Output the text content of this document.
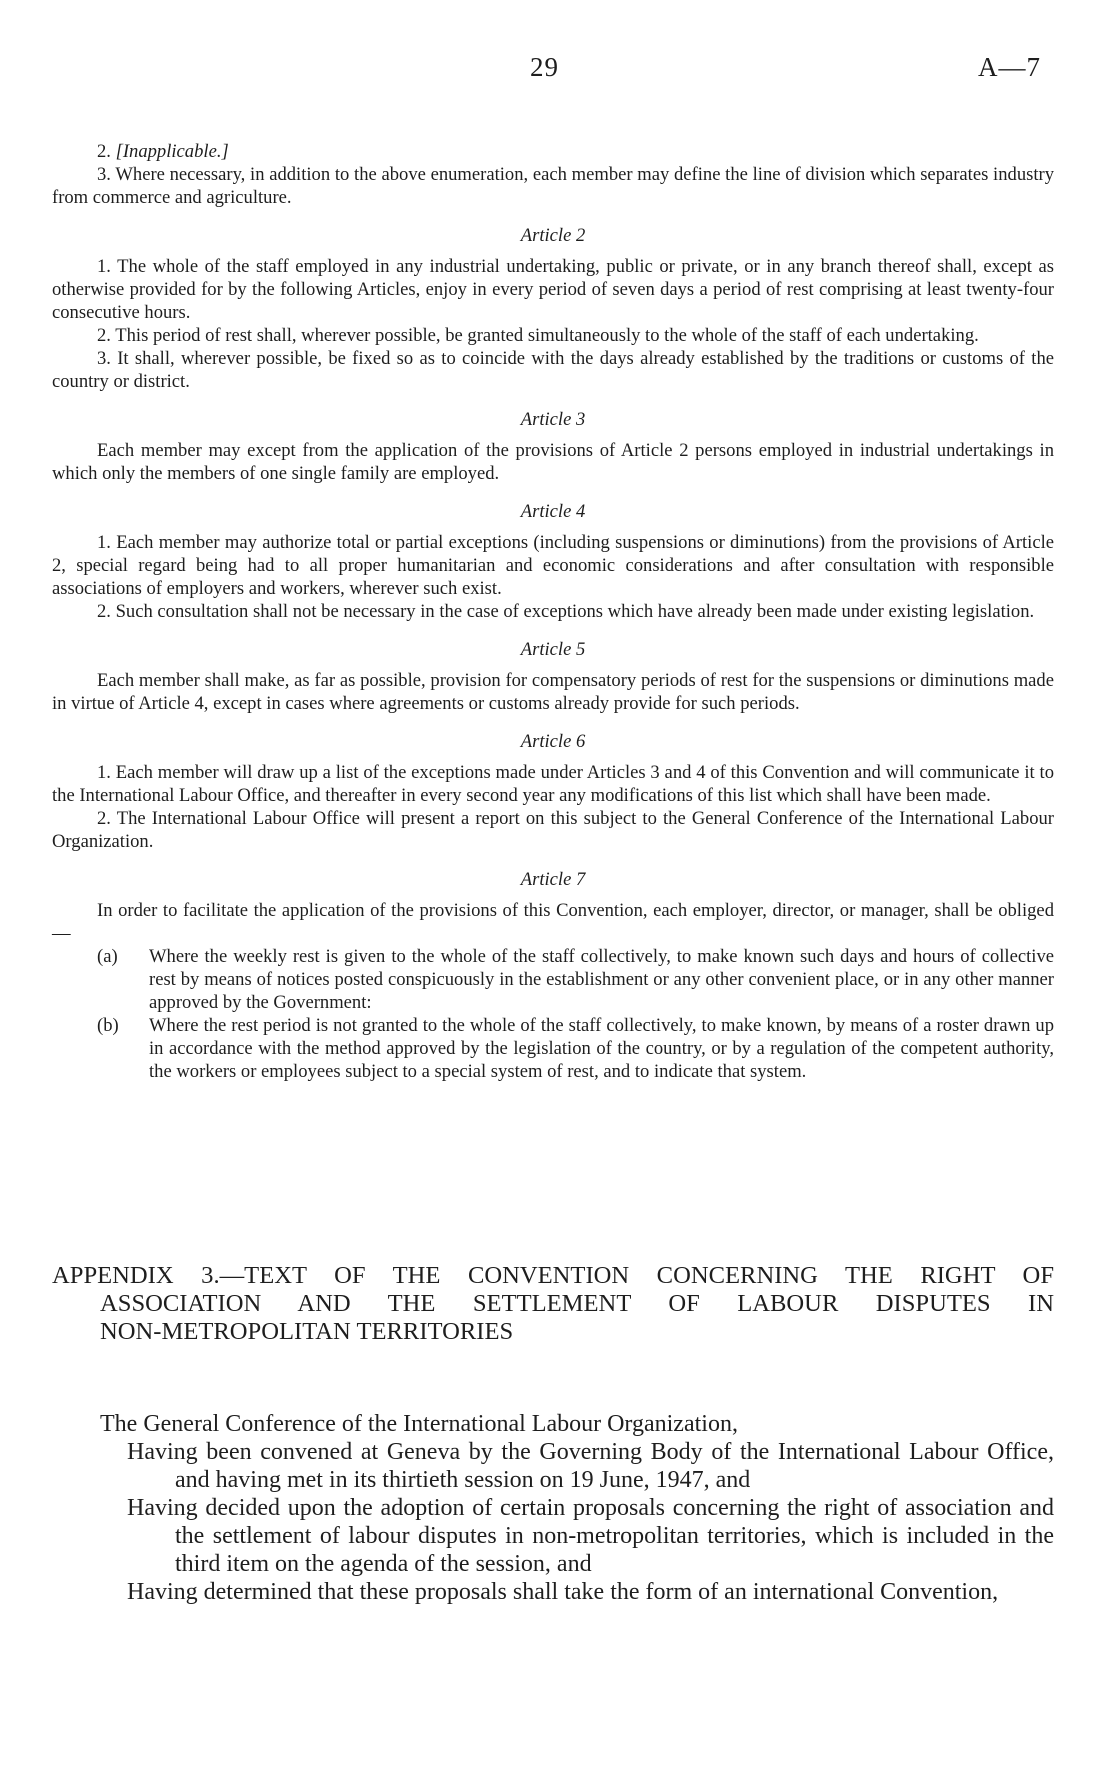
29	A—7

2. [Inapplicable.]

3. Where necessary, in addition to the above enumeration, each member may define the line of division which separates industry from commerce and agriculture.

Article 2

1. The whole of the staff employed in any industrial undertaking, public or private, or in any branch thereof shall, except as otherwise provided for by the following Articles, enjoy in every period of seven days a period of rest comprising at least twenty-four consecutive hours.

2. This period of rest shall, wherever possible, be granted simultaneously to the whole of the staff of each undertaking.

3. It shall, wherever possible, be fixed so as to coincide with the days already established by the traditions or customs of the country or district.

Article 3

Each member may except from the application of the provisions of Article 2 persons employed in industrial undertakings in which only the members of one single family are employed.

Article 4

1. Each member may authorize total or partial exceptions (including suspensions or diminutions) from the provisions of Article 2, special regard being had to all proper humanitarian and economic considerations and after consultation with responsible associations of employers and workers, wherever such exist.

2. Such consultation shall not be necessary in the case of exceptions which have already been made under existing legislation.

Article 5

Each member shall make, as far as possible, provision for compensatory periods of rest for the suspensions or diminutions made in virtue of Article 4, except in cases where agreements or customs already provide for such periods.

Article 6

1. Each member will draw up a list of the exceptions made under Articles 3 and 4 of this Convention and will communicate it to the International Labour Office, and thereafter in every second year any modifications of this list which shall have been made.

2. The International Labour Office will present a report on this subject to the General Conference of the International Labour Organization.

Article 7

In order to facilitate the application of the provisions of this Convention, each employer, director, or manager, shall be obliged—

(a) Where the weekly rest is given to the whole of the staff collectively, to make known such days and hours of collective rest by means of notices posted conspicuously in the establishment or any other convenient place, or in any other manner approved by the Government:
(b) Where the rest period is not granted to the whole of the staff collectively, to make known, by means of a roster drawn up in accordance with the method approved by the legislation of the country, or by a regulation of the competent authority, the workers or employees subject to a special system of rest, and to indicate that system.
APPENDIX 3.—TEXT OF THE CONVENTION CONCERNING THE RIGHT OF
ASSOCIATION AND THE SETTLEMENT OF LABOUR DISPUTES IN
NON-METROPOLITAN TERRITORIES

The General Conference of the International Labour Organization,

Having been convened at Geneva by the Governing Body of the International Labour Office, and having met in its thirtieth session on 19 June, 1947, and

Having decided upon the adoption of certain proposals concerning the right of association and the settlement of labour disputes in non-metropolitan territories, which is included in the third item on the agenda of the session, and

Having determined that these proposals shall take the form of an international Convention,
